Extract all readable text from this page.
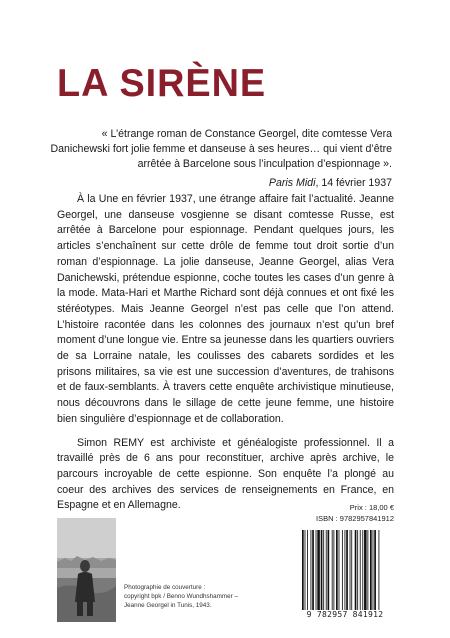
LA SIRÈNE
« L’étrange roman de Constance Georgel, dite comtesse Vera Danichewski fort jolie femme et danseuse à ses heures… qui vient d’être arrêtée à Barcelone sous l’inculpation d’espionnage ».
Paris Midi, 14 février 1937

À la Une en février 1937, une étrange affaire fait l’actualité. Jeanne Georgel, une danseuse vosgienne se disant comtesse Russe, est arrêtée à Barcelone pour espionnage. Pendant quelques jours, les articles s’enchaînent sur cette drôle de femme tout droit sortie d’un roman d’espionnage. La jolie danseuse, Jeanne Georgel, alias Vera Danichewski, prétendue espionne, coche toutes les cases d’un genre à la mode. Mata-Hari et Marthe Richard sont déjà connues et ont fixé les stéréotypes. Mais Jeanne Georgel n’est pas celle que l’on attend. L’histoire racontée dans les colonnes des journaux n’est qu’un bref moment d’une longue vie. Entre sa jeunesse dans les quartiers ouvriers de sa Lorraine natale, les coulisses des cabarets sordides et les prisons militaires, sa vie est une succession d’aventures, de trahisons et de faux-semblants. À travers cette enquête archivistique minutieuse, nous découvrons dans le sillage de cette jeune femme, une histoire bien singulière d’espionnage et de collaboration.

Simon REMY est archiviste et généalogiste professionnel. Il a travaillé près de 6 ans pour reconstituer, archive après archive, le parcours incroyable de cette espionne. Son enquête l’a plongé au coeur des archives des services de renseignements en France, en Espagne et en Allemagne.

Photographie de couverture :
copyright bpk / Benno Wundhshammer –
Jeanne Georgel in Tunis, 1943.
Prix : 18,00 €
ISBN : 9782957841912
9 782957 841912
